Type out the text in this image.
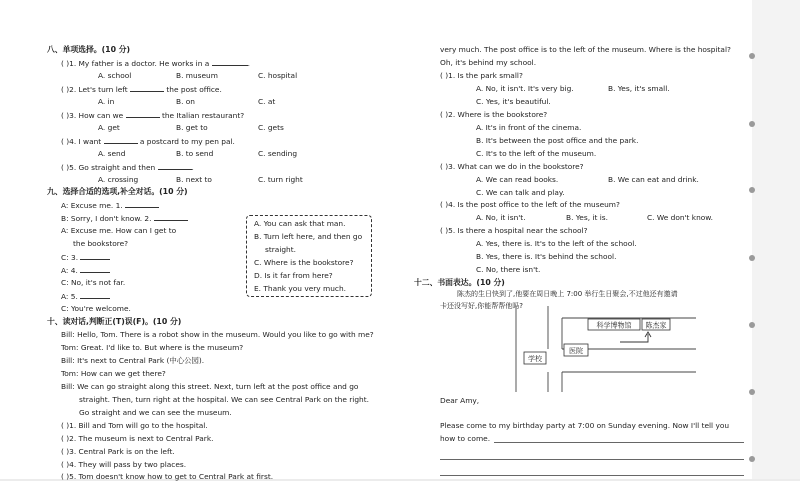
八、单项选择。(10 分)
( )1. My father is a doctor. He works in a	.
A. school	B. museum	C. hospital
( )2. Let's turn left	the post office.
A. in	B. on	C. at
( )3. How can we	the Italian restaurant?
A. get	B. get to	C. gets
( )4. I want	a postcard to my pen pal.
A. send	B. to send	C. sending
( )5. Go straight and then	.
A. crossing	B. next to	C. turn right
九、选择合适的选项,补全对话。(10 分)
A: Excuse me. 1.
B: Sorry, I don't know. 2.
A: Excuse me. How can I get to
the bookstore?
C: 3.
A: 4.
C: No, it's not far.
A: 5.
C: You're welcome.
A. You can ask that man.
B. Turn left here, and then go
straight.
C. Where is the bookstore?
D. Is it far from here?
E. Thank you very much.
十、读对话,判断正(T)误(F)。(10 分)
Bill: Hello, Tom. There is a robot show in the museum. Would you like to go with me?
Tom: Great. I'd like to. But where is the museum?
Bill: It's next to Central Park (中心公园).
Tom: How can we get there?
Bill: We can go straight along this street. Next, turn left at the post office and go
straight. Then, turn right at the hospital. We can see Central Park on the right.
Go straight and we can see the museum.
( )1. Bill and Tom will go to the hospital.
( )2. The museum is next to Central Park.
( )3. Central Park is on the left.
( )4. They will pass by two places.
( )5. Tom doesn't know how to get to Central Park at first.
very much. The post office is to the left of the museum. Where is the hospital?
Oh, it's behind my school.
( )1. Is the park small?
A. No, it isn't. It's very big.	B. Yes, it's small.
C. Yes, it's beautiful.
( )2. Where is the bookstore?
A. It's in front of the cinema.
B. It's between the post office and the park.
C. It's to the left of the museum.
( )3. What can we do in the bookstore?
A. We can read books.	B. We can eat and drink.
C. We can talk and play.
( )4. Is the post office to the left of the museum?
A. No, it isn't.	B. Yes, it is.	C. We don't know.
( )5. Is there a hospital near the school?
A. Yes, there is. It's to the left of the school.
B. Yes, there is. It's behind the school.
C. No, there isn't.
十二、书面表达。(10 分)
陈杰的生日快到了,他要在周日晚上 7:00 举行生日聚会,不过他还有邀请
卡还没写好,你能帮帮他吗?
科学博物馆 陈杰家
学校
医院
Dear Amy,
Please come to my birthday party at 7:00 on Sunday evening. Now I'll tell you
how to come.
